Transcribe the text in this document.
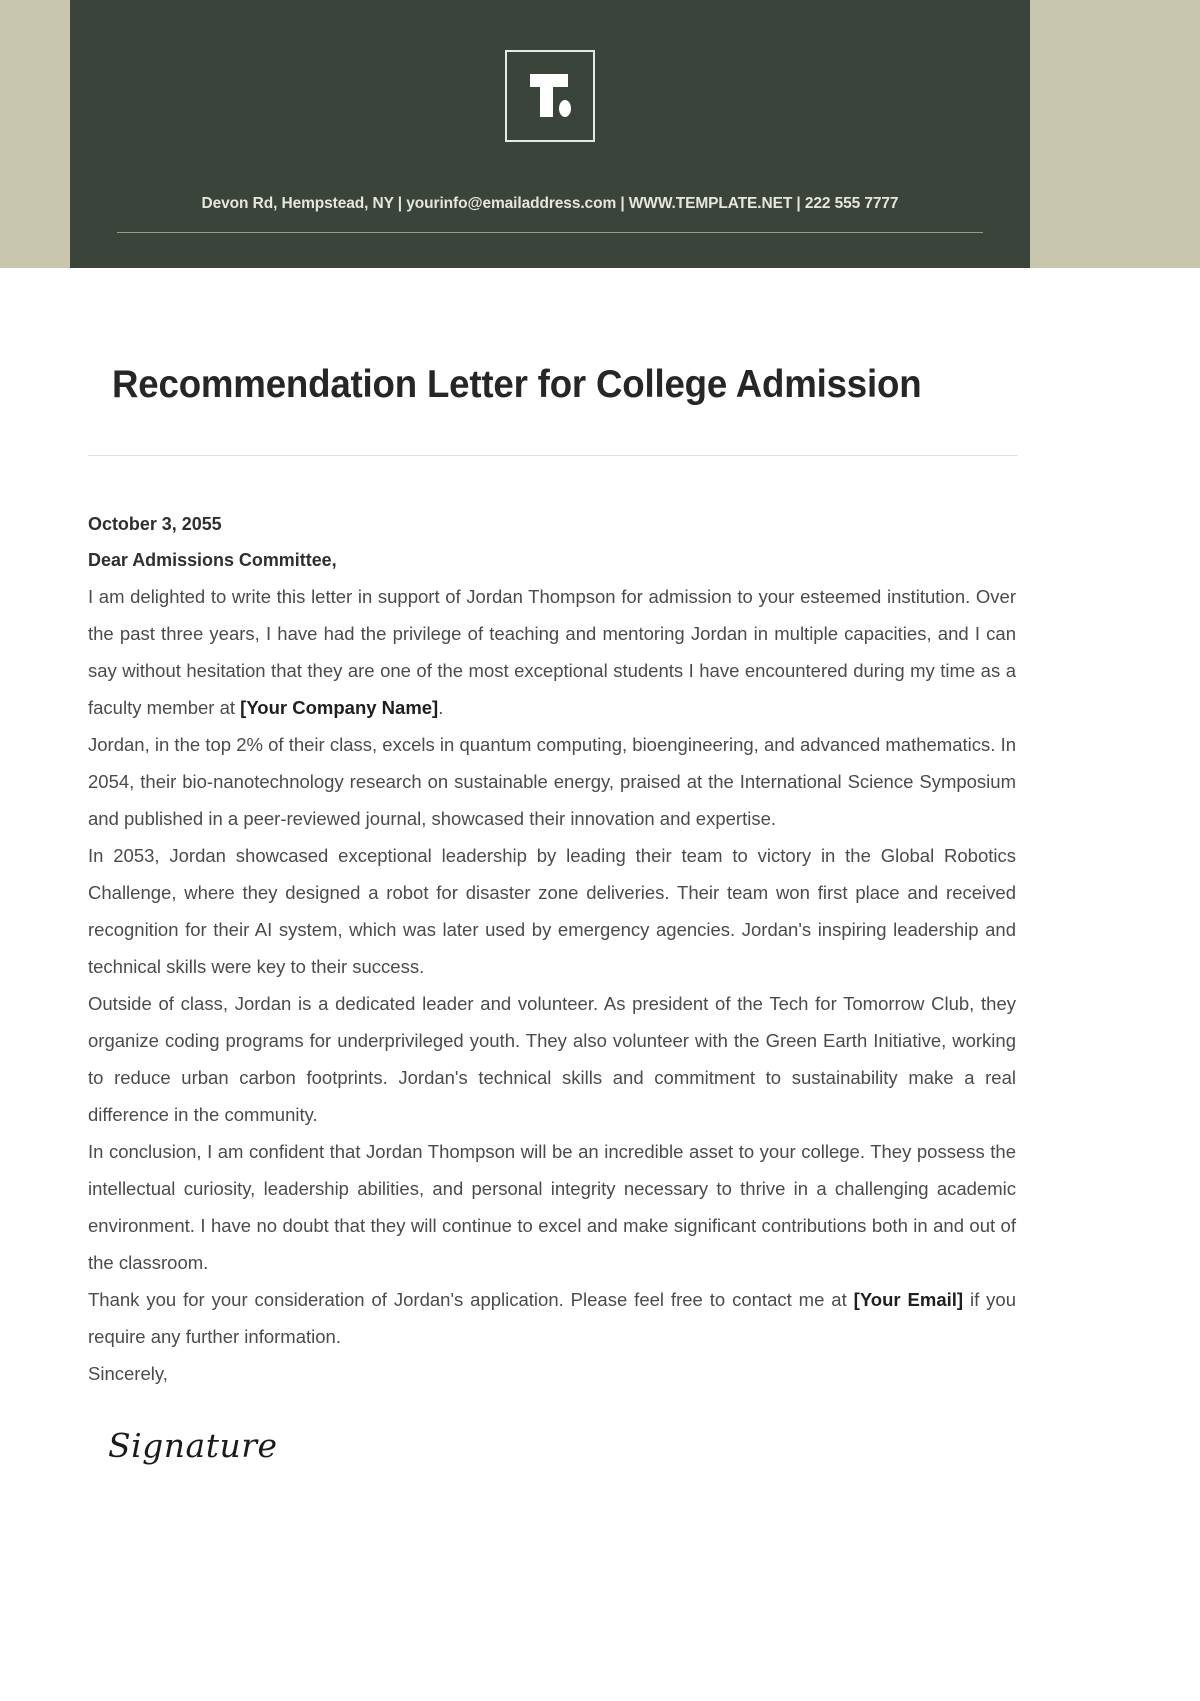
Devon Rd, Hempstead, NY | yourinfo@emailaddress.com | WWW.TEMPLATE.NET | 222 555 7777
Recommendation Letter for College Admission
October 3, 2055
Dear Admissions Committee,

I am delighted to write this letter in support of Jordan Thompson for admission to your esteemed institution. Over the past three years, I have had the privilege of teaching and mentoring Jordan in multiple capacities, and I can say without hesitation that they are one of the most exceptional students I have encountered during my time as a faculty member at [Your Company Name].

Jordan, in the top 2% of their class, excels in quantum computing, bioengineering, and advanced mathematics. In 2054, their bio-nanotechnology research on sustainable energy, praised at the International Science Symposium and published in a peer-reviewed journal, showcased their innovation and expertise.

In 2053, Jordan showcased exceptional leadership by leading their team to victory in the Global Robotics Challenge, where they designed a robot for disaster zone deliveries. Their team won first place and received recognition for their AI system, which was later used by emergency agencies. Jordan's inspiring leadership and technical skills were key to their success.

Outside of class, Jordan is a dedicated leader and volunteer. As president of the Tech for Tomorrow Club, they organize coding programs for underprivileged youth. They also volunteer with the Green Earth Initiative, working to reduce urban carbon footprints. Jordan's technical skills and commitment to sustainability make a real difference in the community.

In conclusion, I am confident that Jordan Thompson will be an incredible asset to your college. They possess the intellectual curiosity, leadership abilities, and personal integrity necessary to thrive in a challenging academic environment. I have no doubt that they will continue to excel and make significant contributions both in and out of the classroom.

Thank you for your consideration of Jordan's application. Please feel free to contact me at [Your Email] if you require any further information.

Sincerely,
Signature
